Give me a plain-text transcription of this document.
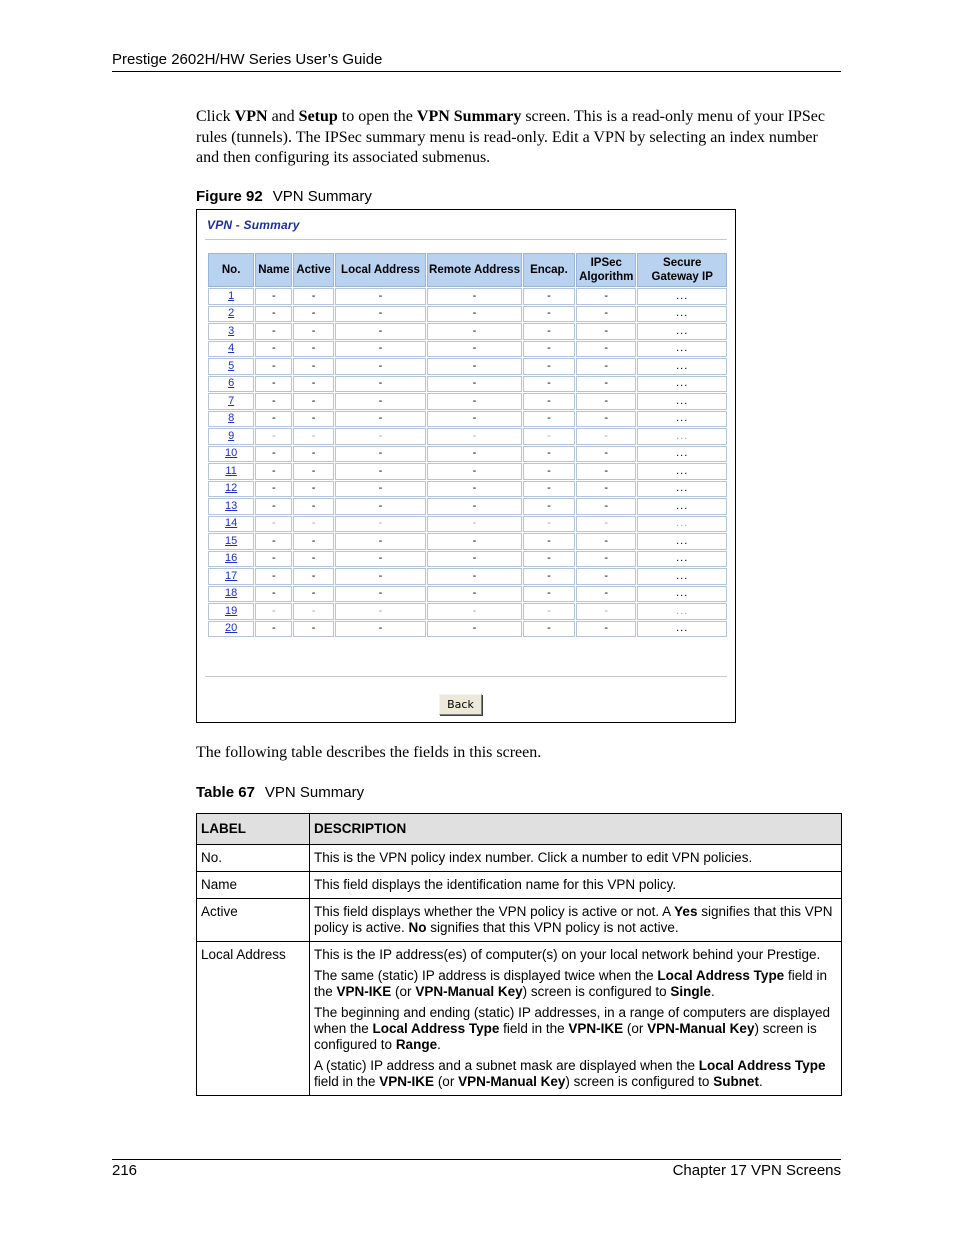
Prestige 2602H/HW Series User’s Guide

Click VPN and Setup to open the VPN Summary screen. This is a read-only menu of your IPSec rules (tunnels). The IPSec summary menu is read-only. Edit a VPN by selecting an index number and then configuring its associated submenus.

Figure 92 VPN Summary
VPN - Summary
No.	Name	Active	Local Address	Remote Address	Encap.	IPSec Algorithm	Secure Gateway IP
1	-	-	-	-	-	-	...
2	-	-	-	-	-	-	...
3	-	-	-	-	-	-	...
4	-	-	-	-	-	-	...
5	-	-	-	-	-	-	...
6	-	-	-	-	-	-	...
7	-	-	-	-	-	-	...
8	-	-	-	-	-	-	...
9	-	-	-	-	-	-	...
10	-	-	-	-	-	-	...
11	-	-	-	-	-	-	...
12	-	-	-	-	-	-	...
13	-	-	-	-	-	-	...
14	-	-	-	-	-	-	...
15	-	-	-	-	-	-	...
16	-	-	-	-	-	-	...
17	-	-	-	-	-	-	...
18	-	-	-	-	-	-	...
19	-	-	-	-	-	-	...
20	-	-	-	-	-	-	...
Back
The following table describes the fields in this screen.
Table 67 VPN Summary
LABEL	DESCRIPTION
No.	This is the VPN policy index number. Click a number to edit VPN policies.
Name	This field displays the identification name for this VPN policy.
Active	This field displays whether the VPN policy is active or not. A Yes signifies that this VPN policy is active. No signifies that this VPN policy is not active.
Local Address	This is the IP address(es) of computer(s) on your local network behind your Prestige.

The same (static) IP address is displayed twice when the Local Address Type field in the VPN-IKE (or VPN-Manual Key) screen is configured to Single.

The beginning and ending (static) IP addresses, in a range of computers are displayed when the Local Address Type field in the VPN-IKE (or VPN-Manual Key) screen is configured to Range.

A (static) IP address and a subnet mask are displayed when the Local Address Type field in the VPN-IKE (or VPN-Manual Key) screen is configured to Subnet.

216	Chapter 17 VPN Screens
